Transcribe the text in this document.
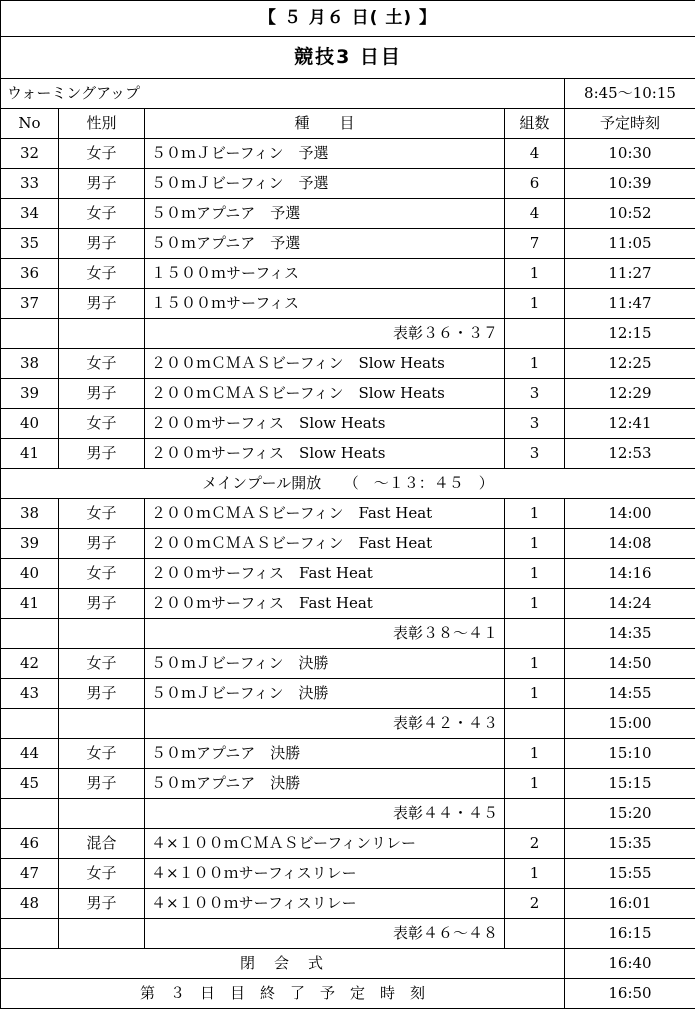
【 ５ 月６ 日( 土) 】				
競技3 日目				
ウォーミングアップ				8:45〜10:15
No	性別	種　　目	組数	予定時刻
32	女子	５０ｍＪビーフィン　予選	4	10:30
33	男子	５０ｍＪビーフィン　予選	6	10:39
34	女子	５０ｍアプニア　予選	4	10:52
35	男子	５０ｍアプニア　予選	7	11:05
36	女子	１５００ｍサーフィス	1	11:27
37	男子	１５００ｍサーフィス	1	11:47
		表彰３６・３７		12:15
38	女子	２００ｍＣＭＡＳビーフィン　Slow Heats	1	12:25
39	男子	２００ｍＣＭＡＳビーフィン　Slow Heats	3	12:29
40	女子	２００ｍサーフィス　Slow Heats	3	12:41
41	男子	２００ｍサーフィス　Slow Heats	3	12:53
メインプール開放　　（　〜１３：４５　）				
38	女子	２００ｍＣＭＡＳビーフィン　Fast Heat	1	14:00
39	男子	２００ｍＣＭＡＳビーフィン　Fast Heat	1	14:08
40	女子	２００ｍサーフィス　Fast Heat	1	14:16
41	男子	２００ｍサーフィス　Fast Heat	1	14:24
		表彰３８〜４１		14:35
42	女子	５０ｍＪビーフィン　決勝	1	14:50
43	男子	５０ｍＪビーフィン　決勝	1	14:55
		表彰４２・４３		15:00
44	女子	５０ｍアプニア　決勝	1	15:10
45	男子	５０ｍアプニア　決勝	1	15:15
		表彰４４・４５		15:20
46	混合	４×１００ｍＣＭＡＳビーフィンリレー	2	15:35
47	女子	４×１００ｍサーフィスリレー	1	15:55
48	男子	４×１００ｍサーフィスリレー	2	16:01
		表彰４６〜４８		16:15
閉　会　式				16:40
第　３　日　目　終　了　予　定　時　刻				16:50
